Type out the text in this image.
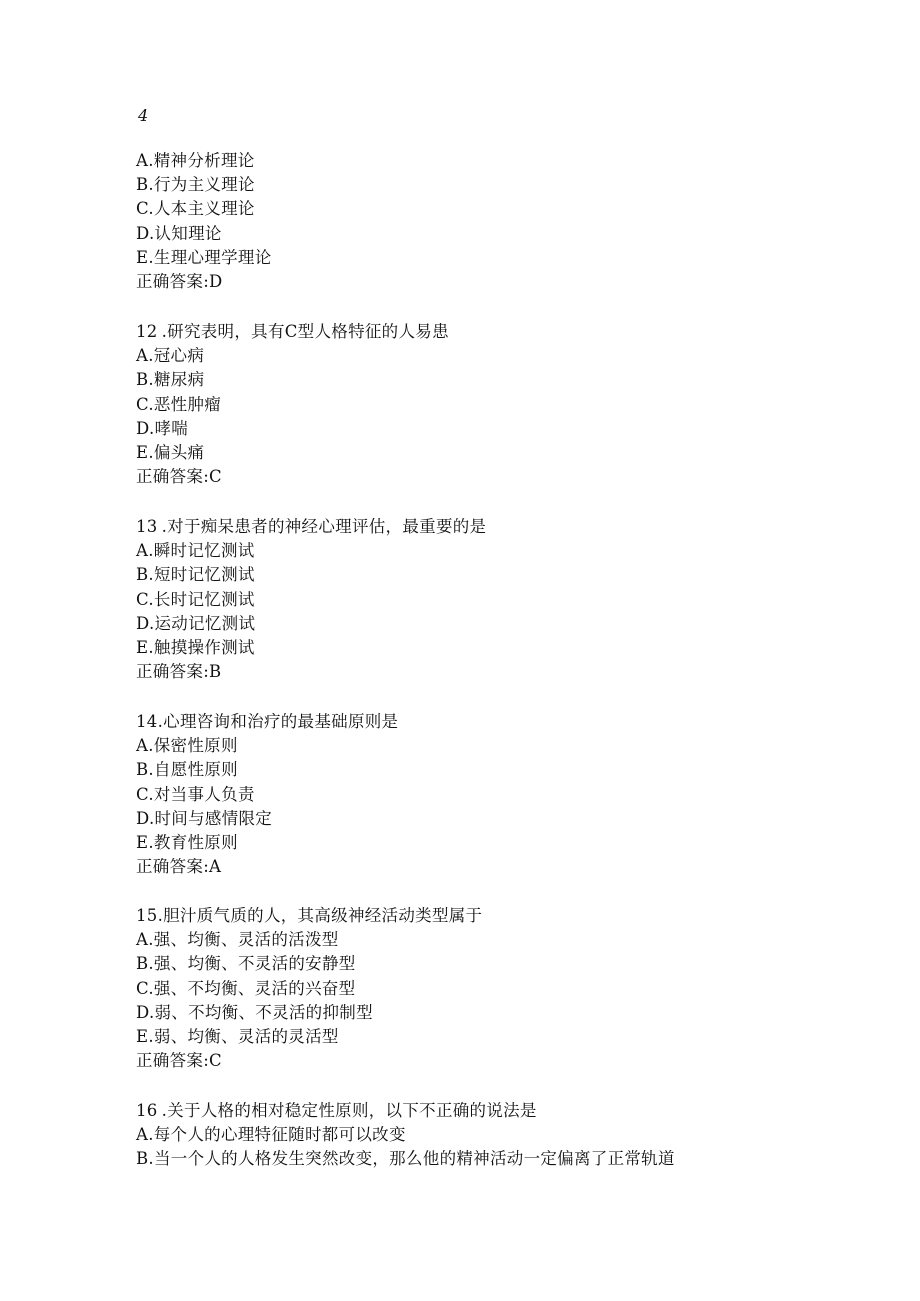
4
A.精神分析理论
B.行为主义理论
C.人本主义理论
D.认知理论
E.生理心理学理论
正确答案:D
12 .研究表明，具有C型人格特征的人易患
A.冠心病
B.糖尿病
C.恶性肿瘤
D.哮喘
E.偏头痛
正确答案:C
13 .对于痴呆患者的神经心理评估，最重要的是
A.瞬时记忆测试
B.短时记忆测试
C.长时记忆测试
D.运动记忆测试
E.触摸操作测试
正确答案:B
14.心理咨询和治疗的最基础原则是
A.保密性原则
B.自愿性原则
C.对当事人负责
D.时间与感情限定
E.教育性原则
正确答案:A
15.胆汁质气质的人，其高级神经活动类型属于
A.强、均衡、灵活的活泼型
B.强、均衡、不灵活的安静型
C.强、不均衡、灵活的兴奋型
D.弱、不均衡、不灵活的抑制型
E.弱、均衡、灵活的灵活型
正确答案:C
16 .关于人格的相对稳定性原则，以下不正确的说法是
A.每个人的心理特征随时都可以改变
B.当一个人的人格发生突然改变，那么他的精神活动一定偏离了正常轨道
